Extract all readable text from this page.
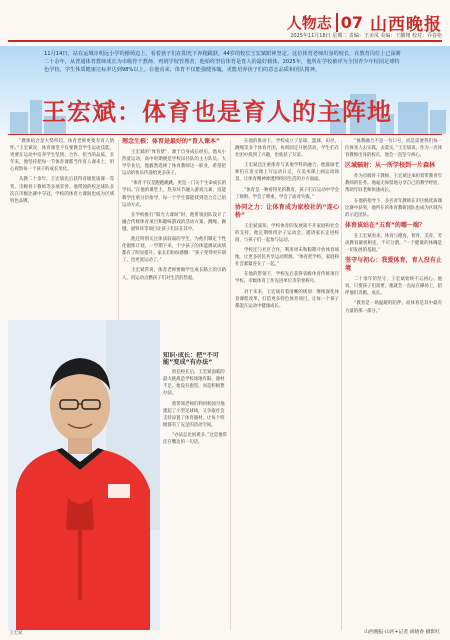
人物志 07 山西晚报
2025年11月18日 星期二 责编：王美凤 美编：王鹏翔 校对：乔春艳
11月14日，站在运城市明远小学的操场边上，看着孩子们在阳光下奔跑跳跃，44岁的校长王宏斌眼神坚定。这位体育老师出身的校长，在教育岗位上已深耕二十余年，从普通体育教师成长为市级骨干教师，再到学校管理者，他始终坚信体育是育人的最好载体。2025年，他所在学校被评为全国青少年校园足球特色学校，学生体质健康达标率达到98%以上。在他看来，体育不仅能强健体魄，更能培养孩子们的意志品质和团队精神。
王宏斌：体育也是育人的主阵地

“教体结合是大势所趋，体育老师更要有育人情怀。”王宏斌说，体育课堂不仅要教会学生运动技能，更要在运动中培养学生坚韧、合作、担当的品质。多年来，他坚持把每一节体育课都当作育人课来上，用心观察每一个孩子的成长变化。

从教二十余年，王宏斌先后获得省级优质课一等奖、市级骨干教师等多项荣誉。他带领的校足球队多次在市级比赛中夺冠，学校的体育大课间也成为区域特色品牌。

理念生根：体育是最好的“育人课本”

王宏斌的“体育梦”，源于自身成长经历。他从小热爱运动，高中时期便是学校田径队的主力队员。大学毕业后，他毅然选择了体育教师这一职业，希望把运动的快乐传递给更多孩子。

“体育不仅是跑跑跳跳，更是一门关于生命成长的学问。”在他的课堂上，热身环节融入游戏元素，技能教学注重分层指导，每一个学生都能找到适合自己的运动方式。

在学校推行“阳光大课间”时，他带领团队设计了融合传统体育项目和趣味游戏的活动方案，跳绳、踢毽、滚铁环等项目让孩子们乐在其中。

他还特别关注体质较弱的学生，为他们制定个性化锻炼计划，一学期下来，不少孩子的体能测试成绩都有了明显提升。家长们纷纷感慨：“孩子变得更开朗了，也更爱运动了。”

王宏斌常说，体育老师要做学生成长路上的引路人，用运动点燃孩子们对生活的热爱。

在他的推动下，学校成立了足球、篮球、田径、跳绳等多个体育社团，每周固定开展活动。学生们在社团中找到了兴趣，也收获了友谊。

王宏斌还注重体育与其他学科的融合，他鼓励老师们在语文课上写运动日记，在美术课上画运动场景，让体育精神渗透到校园生活的方方面面。

“体育是一种看得见的教育，孩子们在运动中学会了规则、学会了尊重、学会了面对失败。”

协同之力：让体育成为家校社的“连心桥”

王宏斌深知，学校体育的发展离不开家庭和社会的支持。他定期组织亲子运动会，邀请家长走进校园，与孩子们一起参与运动。

学校还与社区合作，利用周末和假期开放体育场地，让更多居民共享运动资源。“体育把学校、家庭和社会紧紧连在了一起。”

在他的带领下，学校先后获得省级体育传统项目学校、市级体育工作先进单位等荣誉称号。

对于未来，王宏斌有着清晰的规划：继续深化体育课程改革，打造更多特色体育项目，让每一个孩子都能在运动中健康成长。

“体教融合不是一句口号，而是需要我们每一位体育人去实践、去落实。”王宏斌说，作为一名体育教师出身的校长，他会一直坚守初心。

区域辐射：从一所学校到一片森林

作为市级骨干教师，王宏斌还承担着带教青年教师的任务。他毫无保留地分享自己的教学经验，帮助年轻老师快速成长。

在他的指导下，多名青年教师在市区级优质课比赛中获奖，他所在的体育教研团队也成为区域内的示范团队。

体育该站在“五育”的哪一端？

在王宏斌看来，体育与德育、智育、美育、劳动教育紧密相连，不可分割。“一个健康的体魄是一切发展的基础。”

坚守与初心：我爱体育，育人没有止境

二十余年的坚守，王宏斌始终不忘初心。他说，只要孩子们需要，他就会一直站在操场上，陪伴他们奔跑、成长。

“教育是一场温暖的陪伴，而体育是其中最有力量的那一部分。”

王宏斌

知识·成长：把“不可能”变成“有办法”

担任校长后，王宏斌面临的最大挑战是学校场地有限、器材不足。他没有抱怨，而是积极想办法。

他带领老师们利用校园空地建起了小型足球场，又争取社会支持添置了体育器材，让每个班级都有了充足的活动空间。

“办法总比困难多。”这是他常挂在嘴边的一句话。

山西晚报·山河+记者 胡晓春 摄影红
